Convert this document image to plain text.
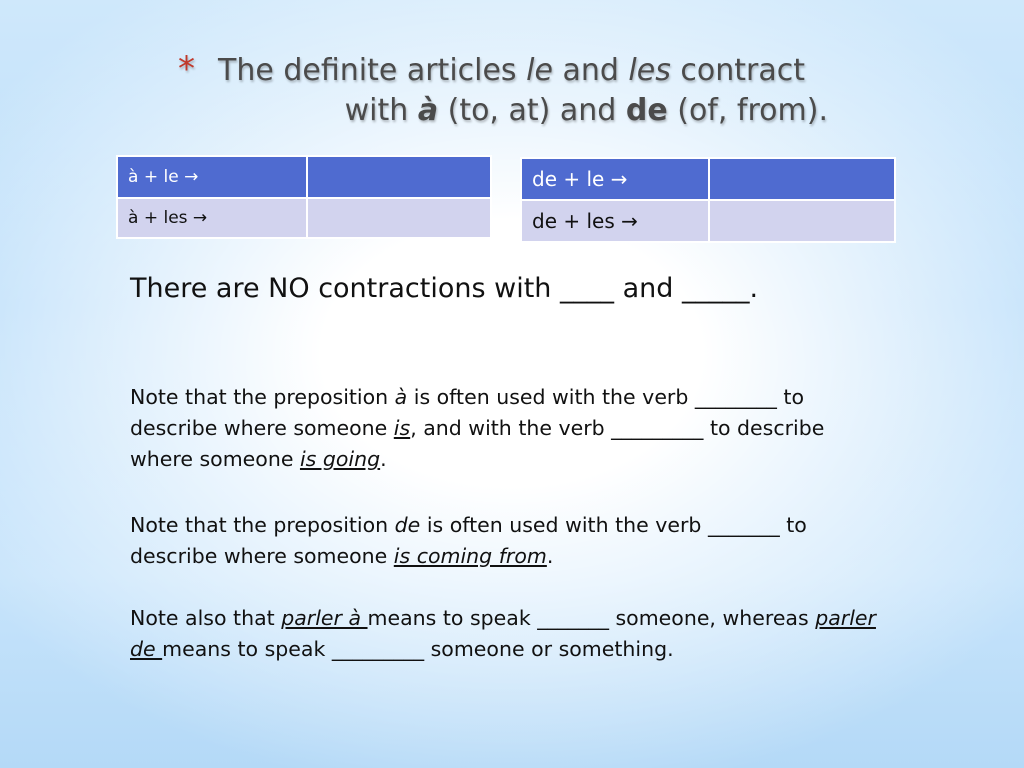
* The definite articles le and les contract
with à (to, at) and de (of, from).
à + le →	
à + les →	
de + le →	
de + les →	
There are NO contractions with ____ and _____.
Note that the preposition à is often used with the verb ________ to describe where someone is, and with the verb _________ to describe where someone is going.
Note that the preposition de is often used with the verb _______ to describe where someone is coming from.
Note also that parler à means to speak _______ someone, whereas parler de means to speak _________ someone or something.
